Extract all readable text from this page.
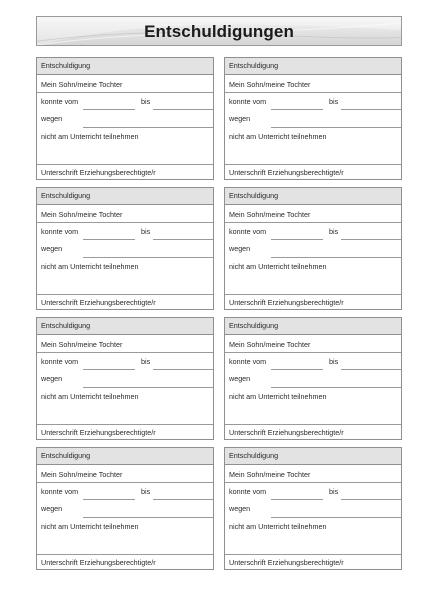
Entschuldigungen
Entschuldigung
Mein Sohn/meine Tochter
konnte vom	bis
wegen
nicht am Unterricht teilnehmen
Unterschrift Erziehungsberechtigte/r
Entschuldigung
Mein Sohn/meine Tochter
konnte vom	bis
wegen
nicht am Unterricht teilnehmen
Unterschrift Erziehungsberechtigte/r
Entschuldigung
Mein Sohn/meine Tochter
konnte vom	bis
wegen
nicht am Unterricht teilnehmen
Unterschrift Erziehungsberechtigte/r
Entschuldigung
Mein Sohn/meine Tochter
konnte vom	bis
wegen
nicht am Unterricht teilnehmen
Unterschrift Erziehungsberechtigte/r
Entschuldigung
Mein Sohn/meine Tochter
konnte vom	bis
wegen
nicht am Unterricht teilnehmen
Unterschrift Erziehungsberechtigte/r
Entschuldigung
Mein Sohn/meine Tochter
konnte vom	bis
wegen
nicht am Unterricht teilnehmen
Unterschrift Erziehungsberechtigte/r
Entschuldigung
Mein Sohn/meine Tochter
konnte vom	bis
wegen
nicht am Unterricht teilnehmen
Unterschrift Erziehungsberechtigte/r
Entschuldigung
Mein Sohn/meine Tochter
konnte vom	bis
wegen
nicht am Unterricht teilnehmen
Unterschrift Erziehungsberechtigte/r
